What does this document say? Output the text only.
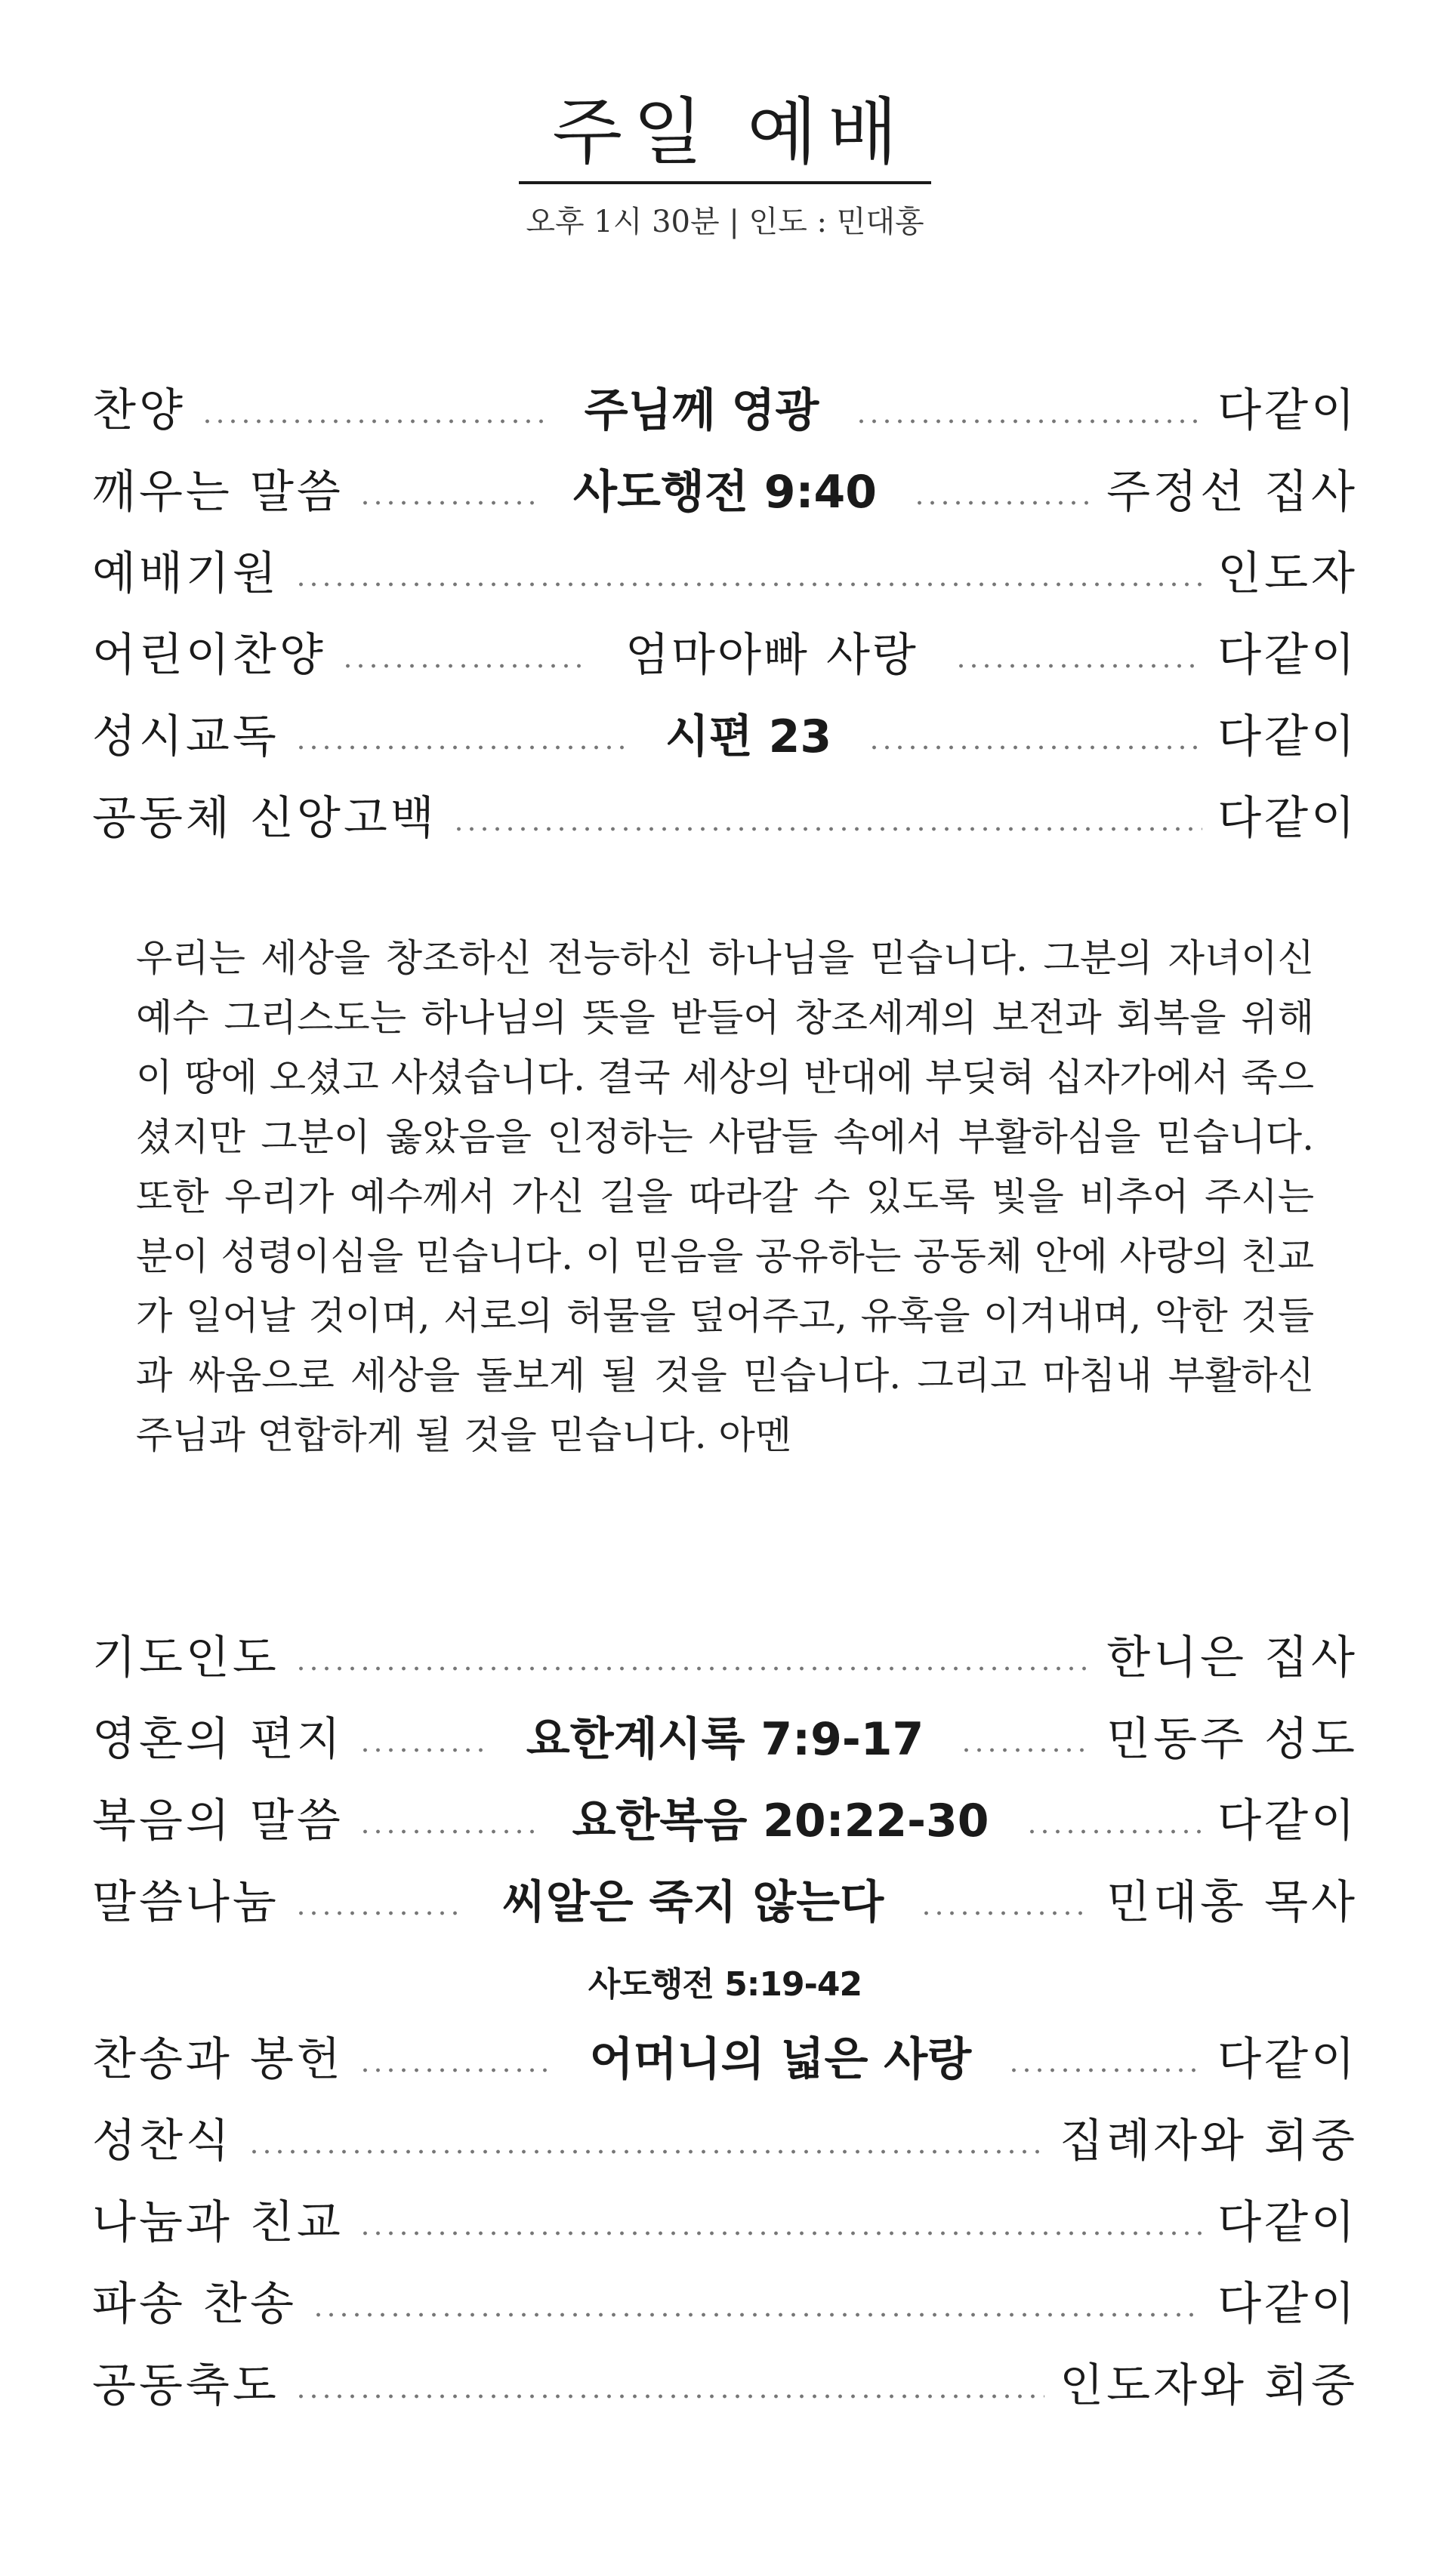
주일 예배
오후 1시 30분 | 인도 : 민대홍
찬양	주님께 영광	다같이
깨우는 말씀	사도행전 9:40	주정선 집사
예배기원	인도자
어린이찬양	엄마아빠 사랑	다같이
성시교독	시편 23	다같이
공동체 신앙고백	다같이
우리는 세상을 창조하신 전능하신 하나님을 믿습니다. 그분의 자녀이신 예수 그리스도는 하나님의 뜻을 받들어 창조세계의 보전과 회복을 위해 이 땅에 오셨고 사셨습니다. 결국 세상의 반대에 부딪혀 십자가에서 죽으셨지만 그분이 옳았음을 인정하는 사람들 속에서 부활하심을 믿습니다. 또한 우리가 예수께서 가신 길을 따라갈 수 있도록 빛을 비추어 주시는 분이 성령이심을 믿습니다. 이 믿음을 공유하는 공동체 안에 사랑의 친교가 일어날 것이며, 서로의 허물을 덮어주고, 유혹을 이겨내며, 악한 것들과 싸움으로 세상을 돌보게 될 것을 믿습니다. 그리고 마침내 부활하신 주님과 연합하게 될 것을 믿습니다. 아멘
기도인도	한니은 집사
영혼의 편지	요한계시록 7:9-17	민동주 성도
복음의 말씀	요한복음 20:22-30	다같이
말씀나눔	씨알은 죽지 않는다	민대홍 목사
사도행전 5:19-42
찬송과 봉헌	어머니의 넓은 사랑	다같이
성찬식	집례자와 회중
나눔과 친교	다같이
파송 찬송	다같이
공동축도	인도자와 회중
